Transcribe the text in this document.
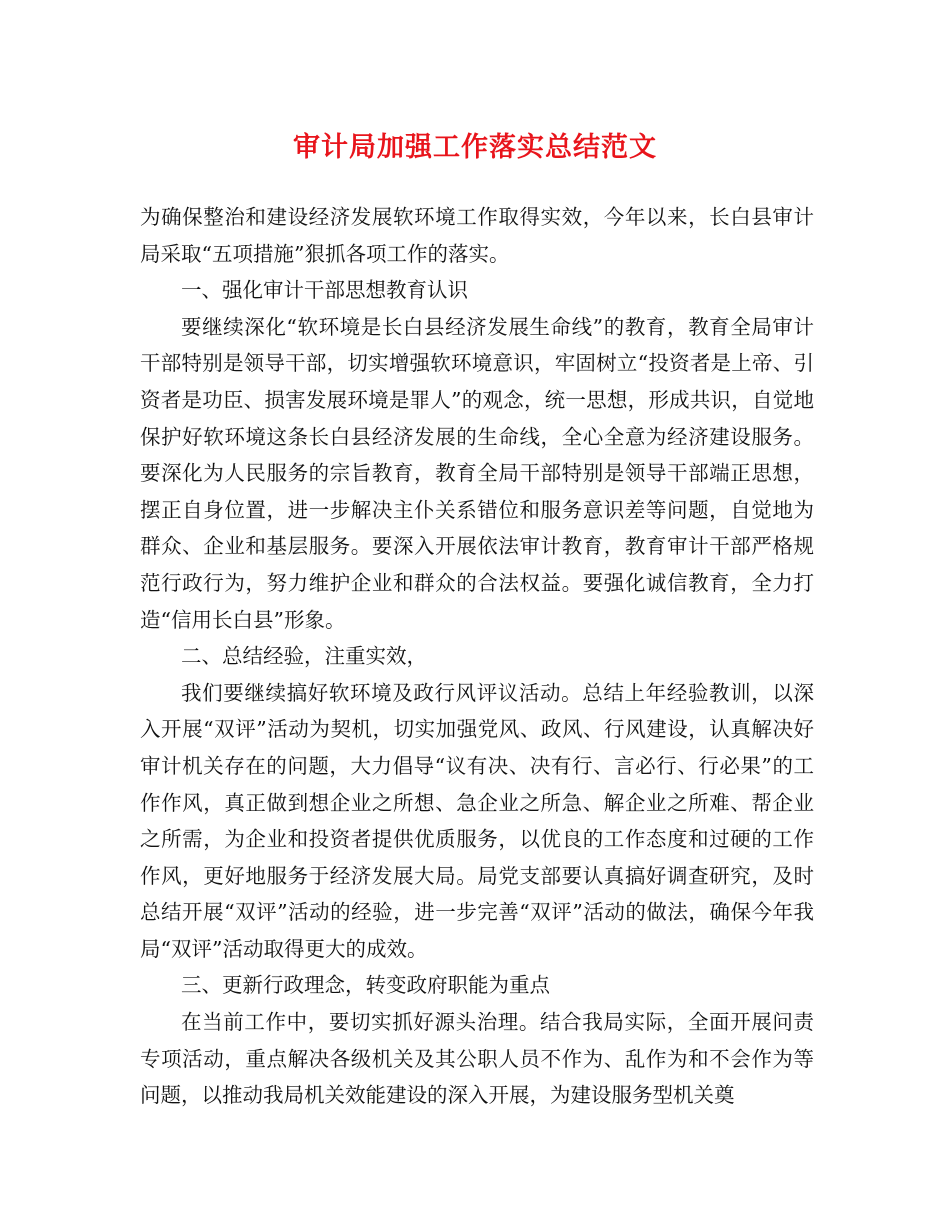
审计局加强工作落实总结范文

为确保整治和建设经济发展软环境工作取得实效，今年以来，长白县审计局采取“五项措施”狠抓各项工作的落实。

一、强化审计干部思想教育认识

要继续深化“软环境是长白县经济发展生命线”的教育，教育全局审计干部特别是领导干部，切实增强软环境意识，牢固树立“投资者是上帝、引资者是功臣、损害发展环境是罪人”的观念，统一思想，形成共识，自觉地保护好软环境这条长白县经济发展的生命线，全心全意为经济建设服务。要深化为人民服务的宗旨教育，教育全局干部特别是领导干部端正思想，摆正自身位置，进一步解决主仆关系错位和服务意识差等问题，自觉地为群众、企业和基层服务。要深入开展依法审计教育，教育审计干部严格规范行政行为，努力维护企业和群众的合法权益。要强化诚信教育，全力打造“信用长白县”形象。

二、总结经验，注重实效，

我们要继续搞好软环境及政行风评议活动。总结上年经验教训，以深入开展“双评”活动为契机，切实加强党风、政风、行风建设，认真解决好审计机关存在的问题，大力倡导“议有决、决有行、言必行、行必果”的工作作风，真正做到想企业之所想、急企业之所急、解企业之所难、帮企业之所需，为企业和投资者提供优质服务，以优良的工作态度和过硬的工作作风，更好地服务于经济发展大局。局党支部要认真搞好调查研究，及时总结开展“双评”活动的经验，进一步完善“双评”活动的做法，确保今年我局“双评”活动取得更大的成效。

三、更新行政理念，转变政府职能为重点

在当前工作中，要切实抓好源头治理。结合我局实际，全面开展问责专项活动，重点解决各级机关及其公职人员不作为、乱作为和不会作为等问题，以推动我局机关效能建设的深入开展，为建设服务型机关奠
